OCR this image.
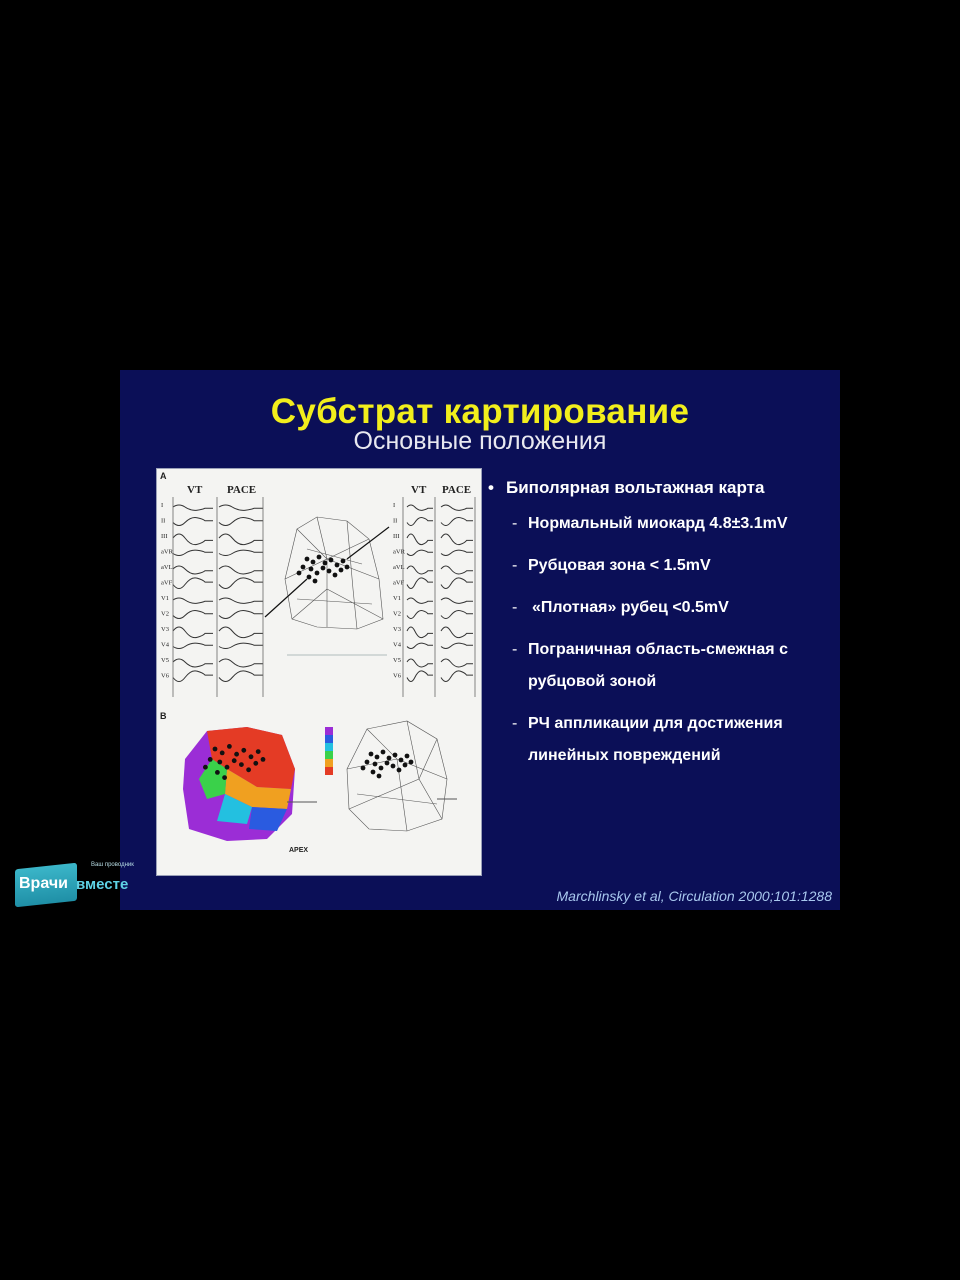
Субстрат картирование
Основные положения
A
B
VT PACE	VT PACE
I
II
III
aVR
aVL
aVF
V1
V2
V3
V4
V5
V6
I
II
III
aVR
aVL
aVF
V1
V2
V3
V4
V5
V6
APEX
• Биполярная вольтажная карта
- Нормальный миокард 4.8±3.1mV
- Рубцовая зона < 1.5mV
- «Плотная» рубец <0.5mV
- Пограничная область-смежная с рубцовой зоной
- РЧ аппликации для достижения линейных повреждений
Marchlinsky et al, Circulation 2000;101:1288
Врачи вместе
Ваш проводник
